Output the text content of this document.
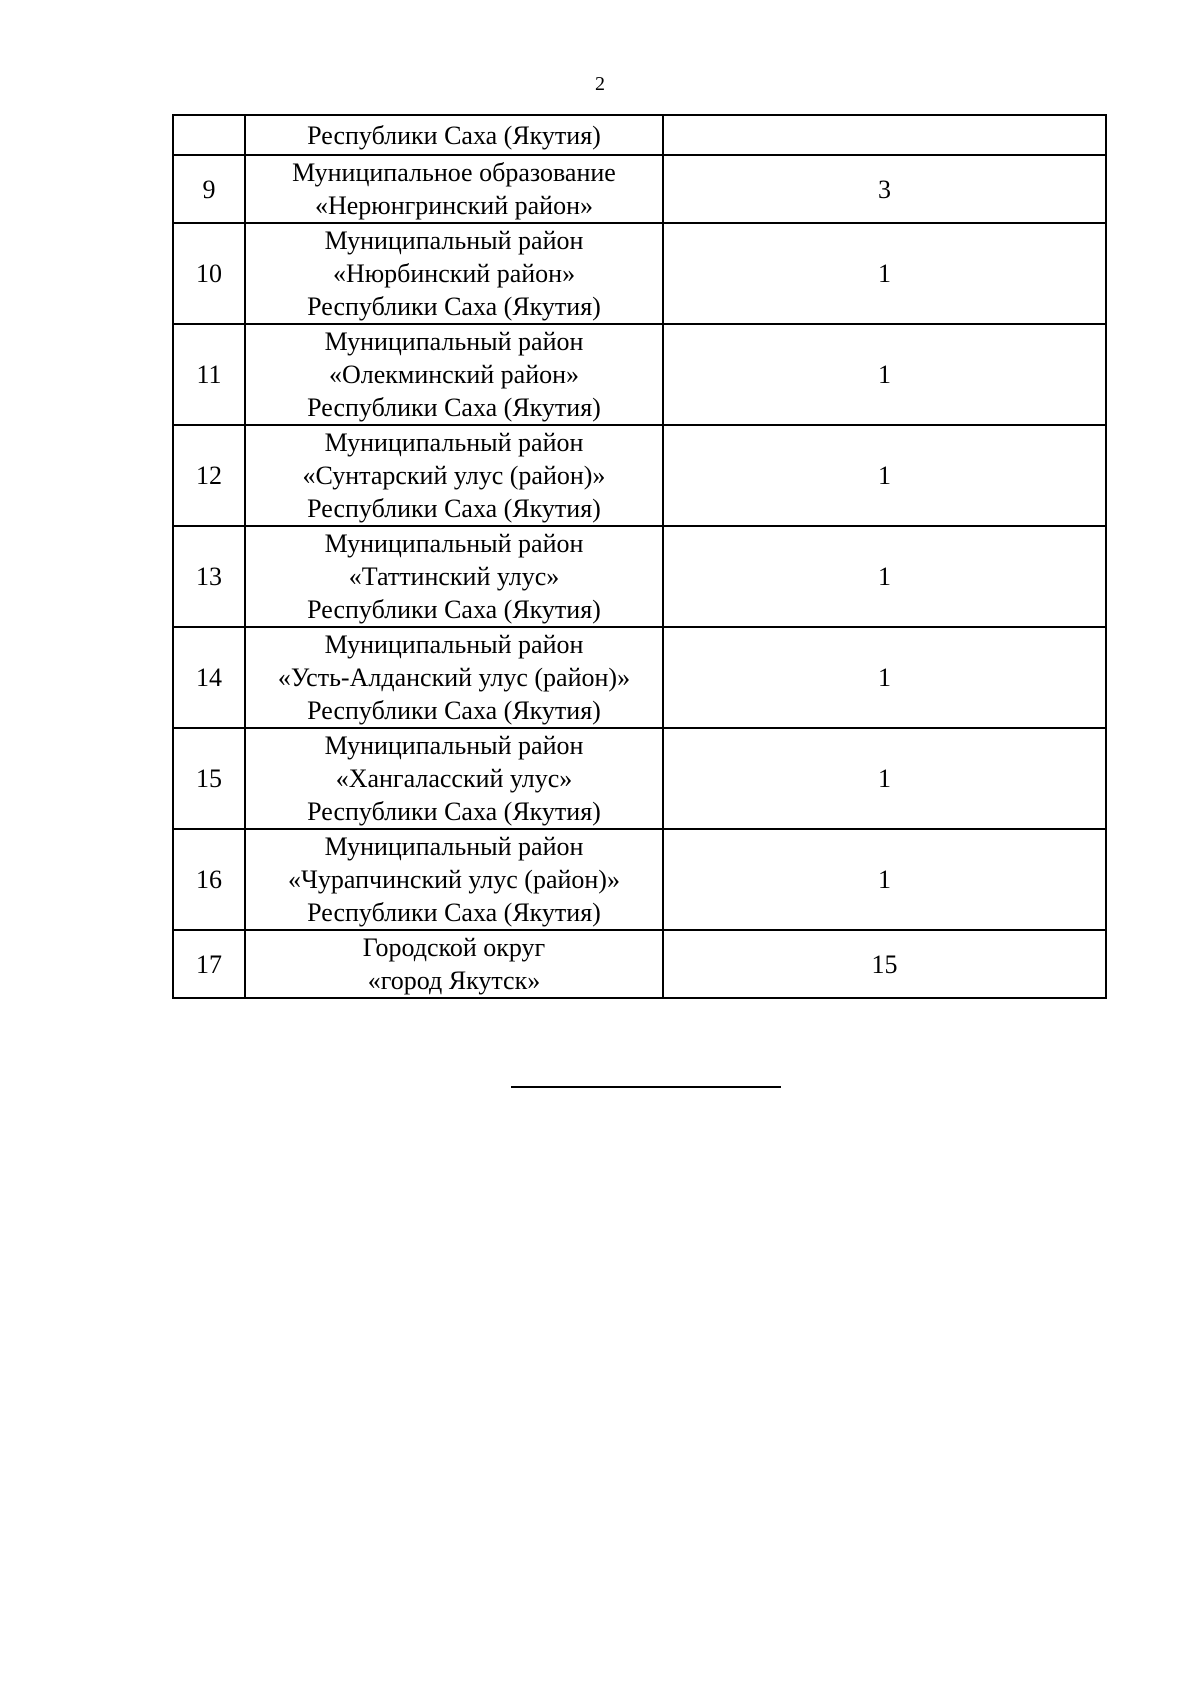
2

	Республики Саха (Якутия)	

9	Муниципальное образование
«Нерюнгринский район»	3
10	Муниципальный район
«Нюрбинский район»
Республики Саха (Якутия)	1
11	Муниципальный район
«Олекминский район»
Республики Саха (Якутия)	1
12	Муниципальный район
«Сунтарский улус (район)»
Республики Саха (Якутия)	1
13	Муниципальный район
«Таттинский улус»
Республики Саха (Якутия)	1
14	Муниципальный район
«Усть-Алданский улус (район)»
Республики Саха (Якутия)	1
15	Муниципальный район
«Хангаласский улус»
Республики Саха (Якутия)	1
16	Муниципальный район
«Чурапчинский улус (район)»
Республики Саха (Якутия)	1
17	Городской округ
«город Якутск»	15
